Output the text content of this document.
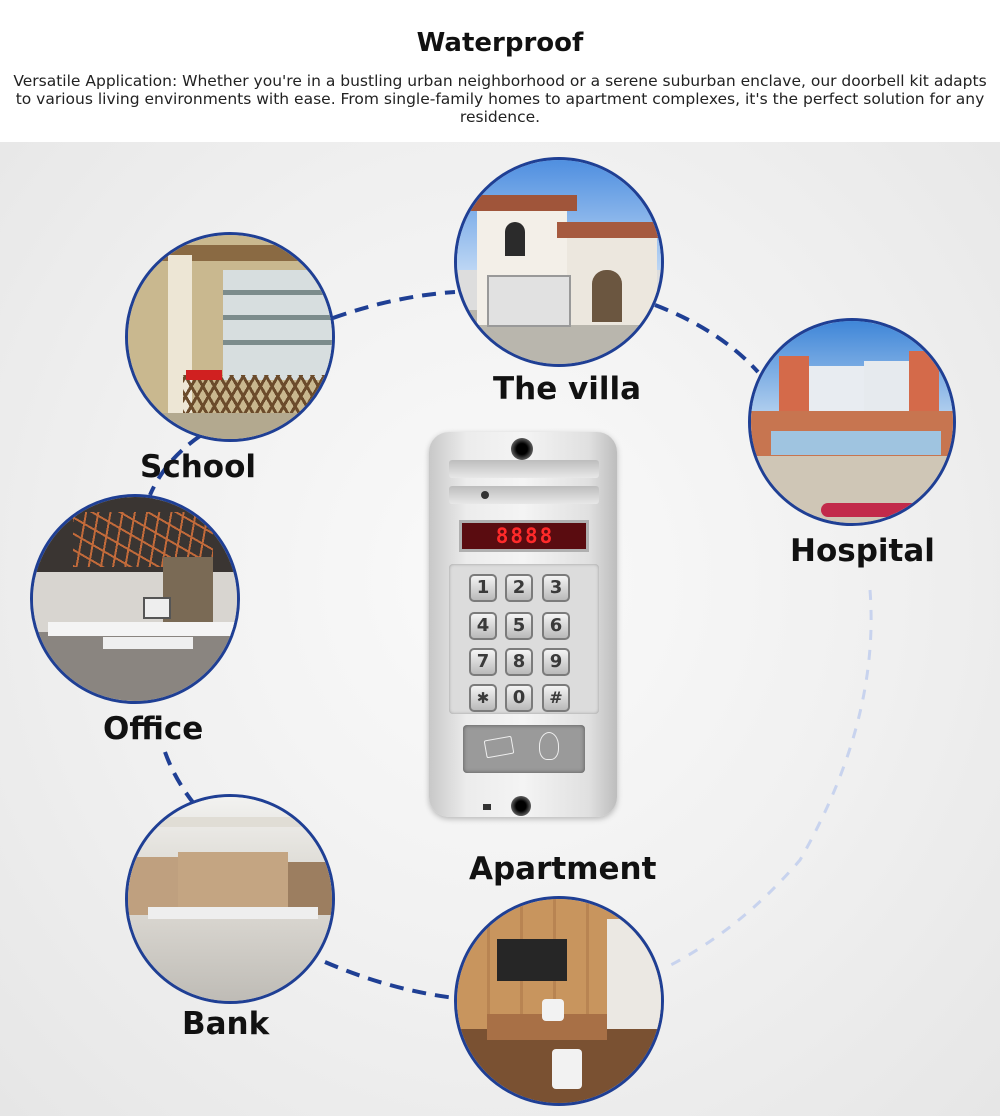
Waterproof

Versatile Application: Whether you're in a bustling urban neighborhood or a serene suburban enclave, our doorbell kit adapts to various living environments with ease. From single-family homes to apartment complexes, it's the perfect solution for any residence.

The villa
School
Hospital
Office
Bank
Apartment
8888
1	2	3
4	5	6
7	8	9
✱	0	#
